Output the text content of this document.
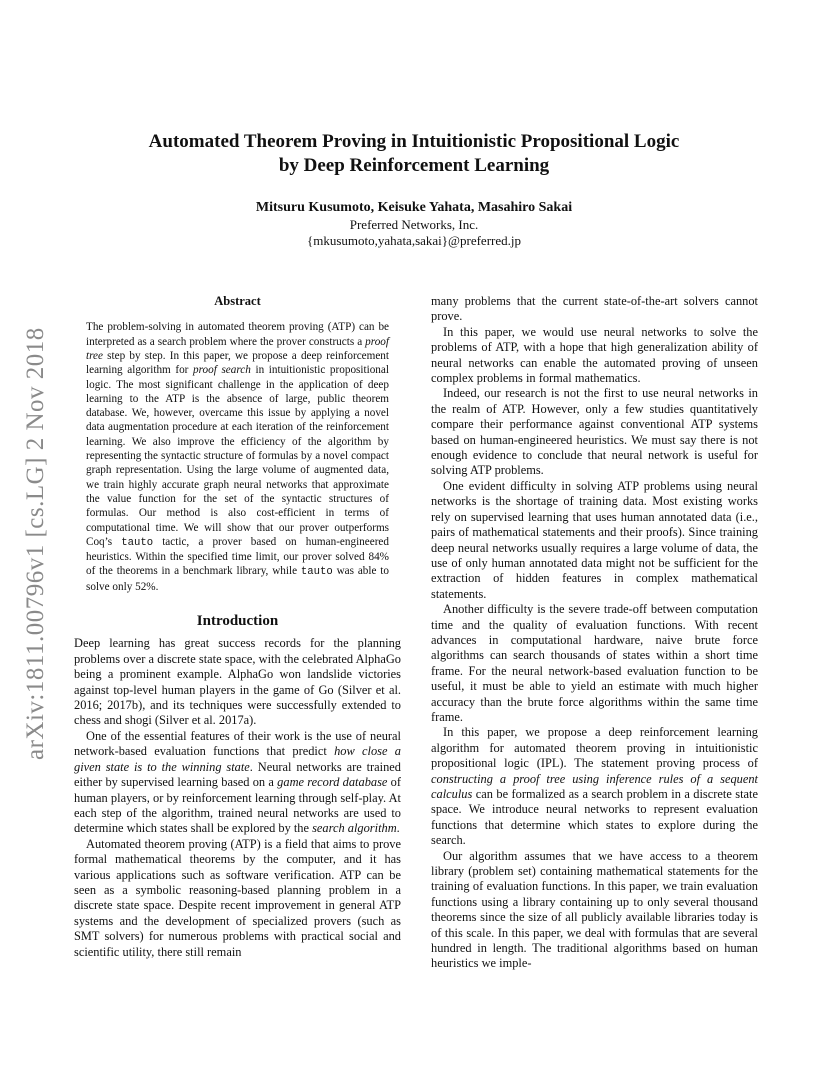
arXiv:1811.00796v1 [cs.LG] 2 Nov 2018
Automated Theorem Proving in Intuitionistic Propositional Logic
by Deep Reinforcement Learning
Mitsuru Kusumoto, Keisuke Yahata, Masahiro Sakai
Preferred Networks, Inc.
{mkusumoto,yahata,sakai}@preferred.jp
Abstract
The problem-solving in automated theorem proving (ATP) can be interpreted as a search problem where the prover constructs a proof tree step by step. In this paper, we propose a deep reinforcement learning algorithm for proof search in intuitionistic propositional logic. The most significant challenge in the application of deep learning to the ATP is the absence of large, public theorem database. We, however, overcame this issue by applying a novel data augmentation procedure at each iteration of the reinforcement learning. We also improve the efficiency of the algorithm by representing the syntactic structure of formulas by a novel compact graph representation. Using the large volume of augmented data, we train highly accurate graph neural networks that approximate the value function for the set of the syntactic structures of formulas. Our method is also cost-efficient in terms of computational time. We will show that our prover outperforms Coq’s tauto tactic, a prover based on human-engineered heuristics. Within the specified time limit, our prover solved 84% of the theorems in a benchmark library, while tauto was able to solve only 52%.
Introduction

Deep learning has great success records for the planning problems over a discrete state space, with the celebrated AlphaGo being a prominent example. AlphaGo won landslide victories against top-level human players in the game of Go (Silver et al. 2016; 2017b), and its techniques were successfully extended to chess and shogi (Silver et al. 2017a).

One of the essential features of their work is the use of neural network-based evaluation functions that predict how close a given state is to the winning state. Neural networks are trained either by supervised learning based on a game record database of human players, or by reinforcement learning through self-play. At each step of the algorithm, trained neural networks are used to determine which states shall be explored by the search algorithm.

Automated theorem proving (ATP) is a field that aims to prove formal mathematical theorems by the computer, and it has various applications such as software verification. ATP can be seen as a symbolic reasoning-based planning problem in a discrete state space. Despite recent improvement in general ATP systems and the development of specialized provers (such as SMT solvers) for numerous problems with practical social and scientific utility, there still remain

many problems that the current state-of-the-art solvers cannot prove.

In this paper, we would use neural networks to solve the problems of ATP, with a hope that high generalization ability of neural networks can enable the automated proving of unseen complex problems in formal mathematics.

Indeed, our research is not the first to use neural networks in the realm of ATP. However, only a few studies quantitatively compare their performance against conventional ATP systems based on human-engineered heuristics. We must say there is not enough evidence to conclude that neural network is useful for solving ATP problems.

One evident difficulty in solving ATP problems using neural networks is the shortage of training data. Most existing works rely on supervised learning that uses human annotated data (i.e., pairs of mathematical statements and their proofs). Since training deep neural networks usually requires a large volume of data, the use of only human annotated data might not be sufficient for the extraction of hidden features in complex mathematical statements.

Another difficulty is the severe trade-off between computation time and the quality of evaluation functions. With recent advances in computational hardware, naive brute force algorithms can search thousands of states within a short time frame. For the neural network-based evaluation function to be useful, it must be able to yield an estimate with much higher accuracy than the brute force algorithms within the same time frame.

In this paper, we propose a deep reinforcement learning algorithm for automated theorem proving in intuitionistic propositional logic (IPL). The statement proving process of constructing a proof tree using inference rules of a sequent calculus can be formalized as a search problem in a discrete state space. We introduce neural networks to represent evaluation functions that determine which states to explore during the search.

Our algorithm assumes that we have access to a theorem library (problem set) containing mathematical statements for the training of evaluation functions. In this paper, we train evaluation functions using a library containing up to only several thousand theorems since the size of all publicly available libraries today is of this scale. In this paper, we deal with formulas that are several hundred in length. The traditional algorithms based on human heuristics we imple-
